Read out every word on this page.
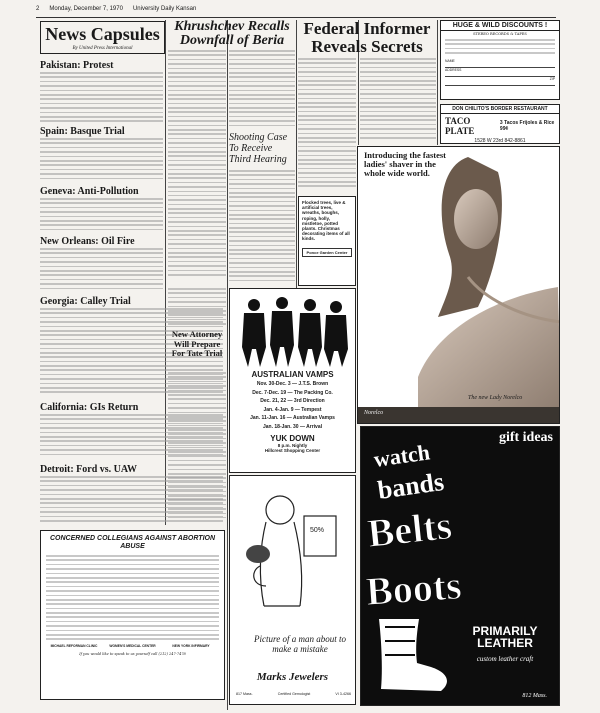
2 Monday, December 7, 1970 University Daily Kansan
News Capsules
By United Press International
Pakistan: Protest
Spain: Basque Trial
Geneva: Anti-Pollution
New Orleans: Oil Fire
Georgia: Calley Trial
California: GIs Return
Detroit: Ford vs. UAW
Khrushchev Recalls Downfall of Beria
Shooting Case To Receive Third Hearing
New Attorney Will Prepare For Tate Trial
Federal Informer Reveals Secrets
HUGE & WILD DISCOUNTS !
STEREO RECORDS & TAPES
NAME
ADDRESS
ZIP
DON CHILITO'S BORDER RESTAURANT
TACO PLATE
3 Tacos Frijoles & Rice 99¢
1528 W 23rd 842-8861
Flocked trees, live & artificial trees, wreaths, boughs, roping, holly, mistletoe, potted plants. Christmas decorating items of all kinds.
Ponce Garden Center
Introducing the fastest ladies' shaver in the whole wide world.
The new Lady Norelco
Norelco
AUSTRALIAN VAMPS
Nov. 30-Dec. 3 — J.T.S. Brown
Dec. 7-Dec. 19 — The Packing Co.
Dec. 21, 22 — 3rd Direction
Jan. 4-Jan. 9 — Tempest
Jan. 11-Jan. 16 — Australian Vamps
Jan. 18-Jan. 30 — Arrival
YUK DOWN
8 p.m. Nightly
Hillcrest Shopping Center
50%
Picture of a man about to make a mistake
Marks Jewelers
817 Mass.	Certified Gemologist	VI 3-4266
watch
bands
Belts
Boots
gift ideas
PRIMARILY LEATHER
custom leather craft
812 Mass.
CONCERNED COLLEGIANS AGAINST ABORTION ABUSE
MICHAEL REFORMAN CLINIC	WOMEN'S MEDICAL CENTER	NEW YORK INFIRMARY
If you would like to speak to us yourself call (212) 247-7478
